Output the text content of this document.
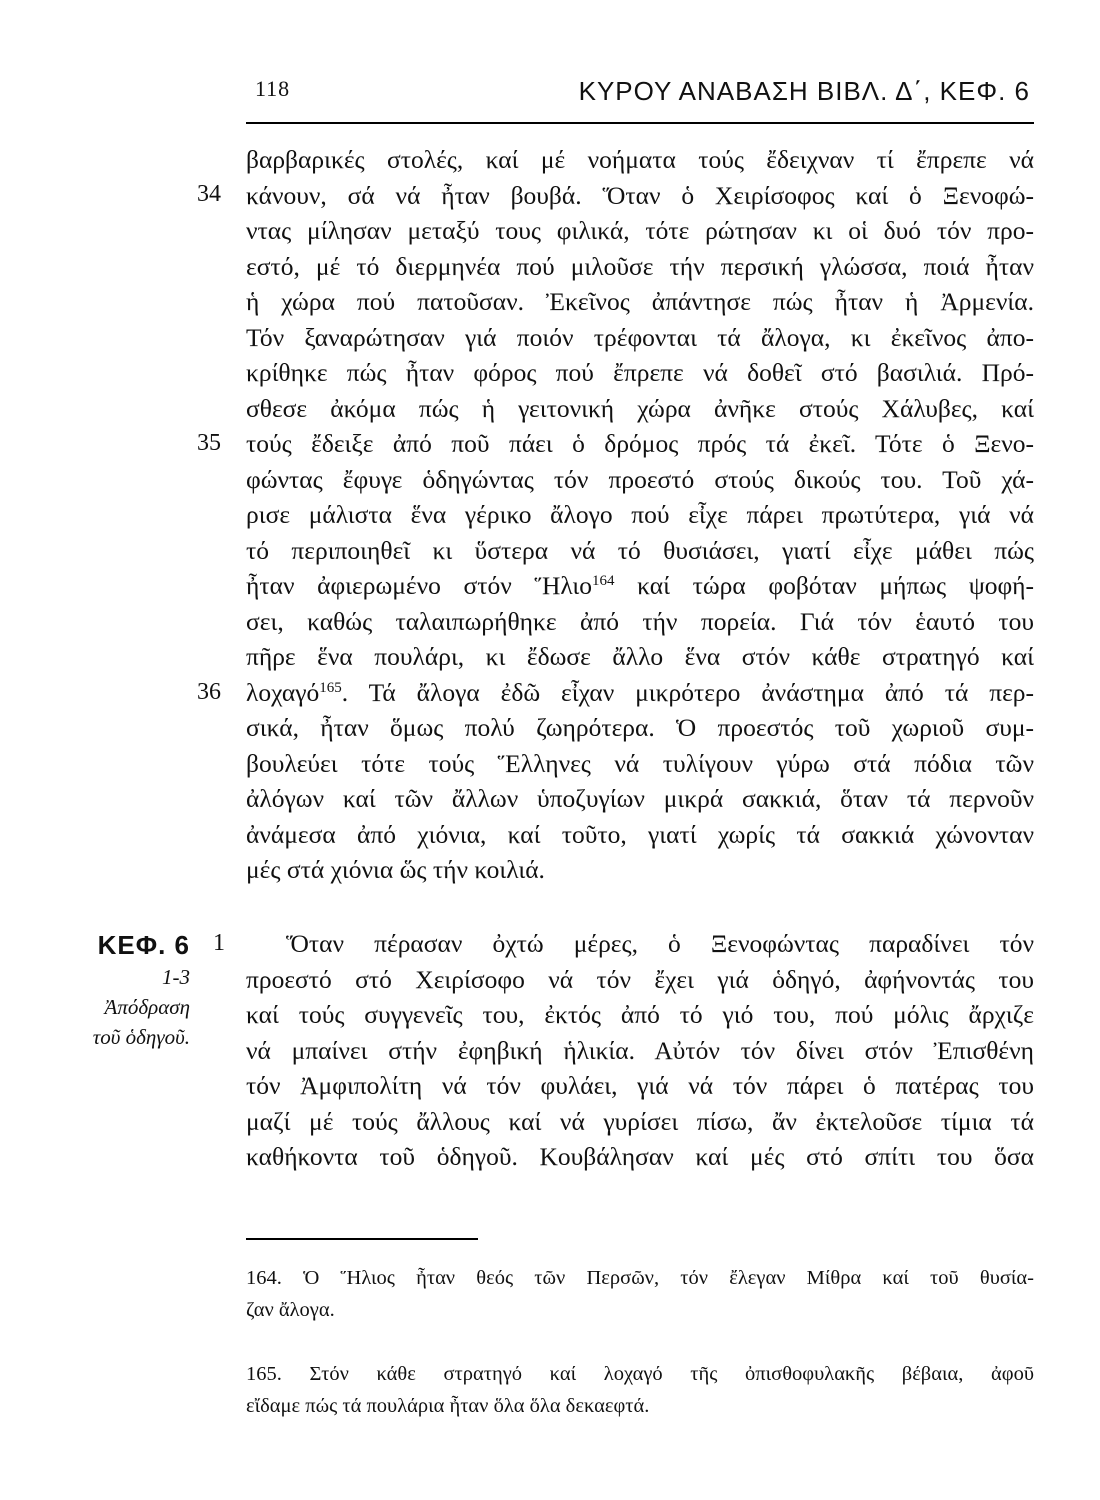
118	ΚΥΡΟΥ ΑΝΑΒΑΣΗ ΒΙΒΛ. Δ΄, ΚΕΦ. 6
34
35
36
βαρβαρικές στολές, καί μέ νοήματα τούς ἔδειχναν τί ἔπρεπε νά
κάνουν, σά νά ἦταν βουβά. Ὅταν ὁ Χειρίσοφος καί ὁ Ξενοφώ-
ντας μίλησαν μεταξύ τους φιλικά, τότε ρώτησαν κι οἱ δυό τόν προ-
εστό, μέ τό διερμηνέα πού μιλοῦσε τήν περσική γλώσσα, ποιά ἦταν
ἡ χώρα πού πατοῦσαν. Ἐκεῖνος ἀπάντησε πώς ἦταν ἡ Ἀρμενία.
Τόν ξαναρώτησαν γιά ποιόν τρέφονται τά ἄλογα, κι ἐκεῖνος ἀπο-
κρίθηκε πώς ἦταν φόρος πού ἔπρεπε νά δοθεῖ στό βασιλιά. Πρό-
σθεσε ἀκόμα πώς ἡ γειτονική χώρα ἀνῆκε στούς Χάλυβες, καί
τούς ἔδειξε ἀπό ποῦ πάει ὁ δρόμος πρός τά ἐκεῖ. Τότε ὁ Ξενο-
φώντας ἔφυγε ὁδηγώντας τόν προεστό στούς δικούς του. Τοῦ χά-
ρισε μάλιστα ἕνα γέρικο ἄλογο πού εἶχε πάρει πρωτύτερα, γιά νά
τό περιποιηθεῖ κι ὕστερα νά τό θυσιάσει, γιατί εἶχε μάθει πώς
ἦταν ἀφιερωμένο στόν Ἥλιο$^{164}$ καί τώρα φοβόταν μήπως ψοφή-
σει, καθώς ταλαιπωρήθηκε ἀπό τήν πορεία. Γιά τόν ἑαυτό του
πῆρε ἕνα πουλάρι, κι ἔδωσε ἄλλο ἕνα στόν κάθε στρατηγό καί
λοχαγό$^{165}$. Τά ἄλογα ἐδῶ εἶχαν μικρότερο ἀνάστημα ἀπό τά περ-
σικά, ἦταν ὅμως πολύ ζωηρότερα. Ὁ προεστός τοῦ χωριοῦ συμ-
βουλεύει τότε τούς Ἕλληνες νά τυλίγουν γύρω στά πόδια τῶν
ἀλόγων καί τῶν ἄλλων ὑποζυγίων μικρά σακκιά, ὅταν τά περνοῦν
ἀνάμεσα ἀπό χιόνια, καί τοῦτο, γιατί χωρίς τά σακκιά χώνονταν
μές στά χιόνια ὥς τήν κοιλιά.
ΚΕΦ. 6
1-3
Ἀπόδραση
τοῦ ὁδηγοῦ.
1	Ὅταν πέρασαν ὀχτώ μέρες, ὁ Ξενοφώντας παραδίνει τόν
προεστό στό Χειρίσοφο νά τόν ἔχει γιά ὁδηγό, ἀφήνοντάς του
καί τούς συγγενεῖς του, ἐκτός ἀπό τό γιό του, πού μόλις ἄρχιζε
νά μπαίνει στήν ἐφηβική ἡλικία. Αὐτόν τόν δίνει στόν Ἐπισθένη
τόν Ἀμφιπολίτη νά τόν φυλάει, γιά νά τόν πάρει ὁ πατέρας του
μαζί μέ τούς ἄλλους καί νά γυρίσει πίσω, ἄν ἐκτελοῦσε τίμια τά
καθήκοντα τοῦ ὁδηγοῦ. Κουβάλησαν καί μές στό σπίτι του ὅσα
164. Ὁ Ἥλιος ἦταν θεός τῶν Περσῶν, τόν ἔλεγαν Μίθρα καί τοῦ θυσία-
ζαν ἄλογα.
165. Στόν κάθε στρατηγό καί λοχαγό τῆς ὀπισθοφυλακῆς βέβαια, ἀφοῦ
εἴδαμε πώς τά πουλάρια ἦταν ὅλα ὅλα δεκαεφτά.
